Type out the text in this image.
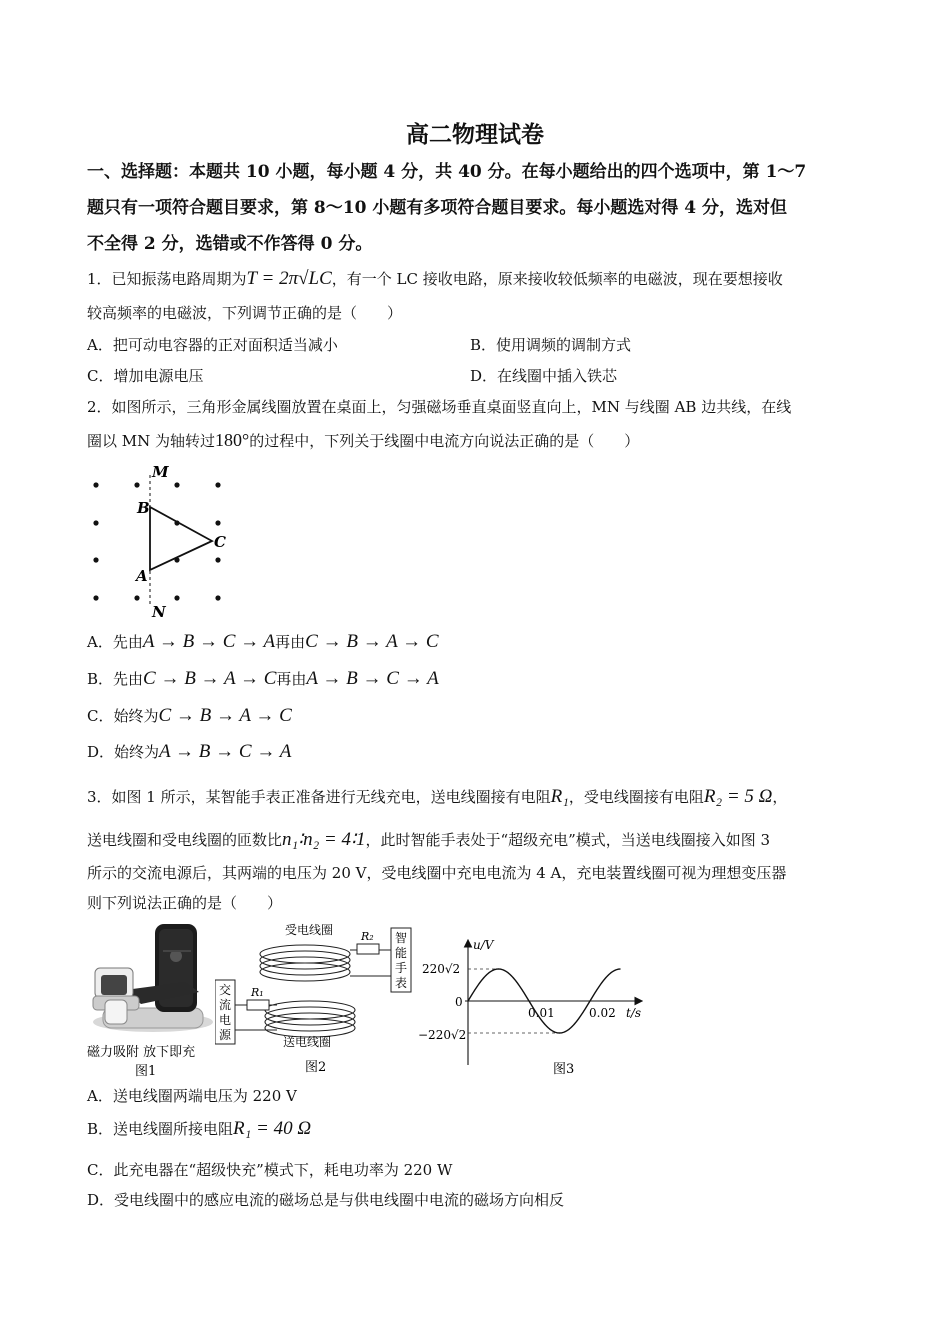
高二物理试卷
一、选择题：本题共 10 小题，每小题 4 分，共 40 分。在每小题给出的四个选项中，第 1～7
题只有一项符合题目要求，第 8～10 小题有多项符合题目要求。每小题选对得 4 分，选对但
不全得 2 分，选错或不作答得 0 分。
1．已知振荡电路周期为T = 2π√LC，有一个 LC 接收电路，原来接收较低频率的电磁波，现在要想接收
较高频率的电磁波，下列调节正确的是（　　）
A．把可动电容器的正对面积适当减小	B．使用调频的调制方式
C．增加电源电压	D．在线圈中插入铁芯
2．如图所示，三角形金属线圈放置在桌面上，匀强磁场垂直桌面竖直向上，MN 与线圈 AB 边共线，在线
圈以 MN 为轴转过180°的过程中，下列关于线圈中电流方向说法正确的是（　　）
M
N
B
A
C
A．先由A → B → C → A再由C → B → A → C
B．先由C → B → A → C再由A → B → C → A
C．始终为C → B → A → C
D．始终为A → B → C → A
3．如图 1 所示，某智能手表正准备进行无线充电，送电线圈接有电阻R₁，受电线圈接有电阻R₂ = 5 Ω，
送电线圈和受电线圈的匝数比n₁∶n₂ = 4∶1，此时智能手表处于“超级充电”模式，当送电线圈接入如图 3
所示的交流电源后，其两端的电压为 20 V，受电线圈中充电电流为 4 A，充电装置线圈可视为理想变压器
则下列说法正确的是（　　）
磁力吸附 放下即充
图1
受电线圈	R₂ 智
能
手
表
交
流
电
源
R₁
送电线圈
图2
u/V
t/s
220√2
−220√2
0
0.01	0.02
图3
A．送电线圈两端电压为 220 V
B．送电线圈所接电阻R₁ = 40 Ω
C．此充电器在“超级快充”模式下，耗电功率为 220 W
D．受电线圈中的感应电流的磁场总是与供电线圈中电流的磁场方向相反
